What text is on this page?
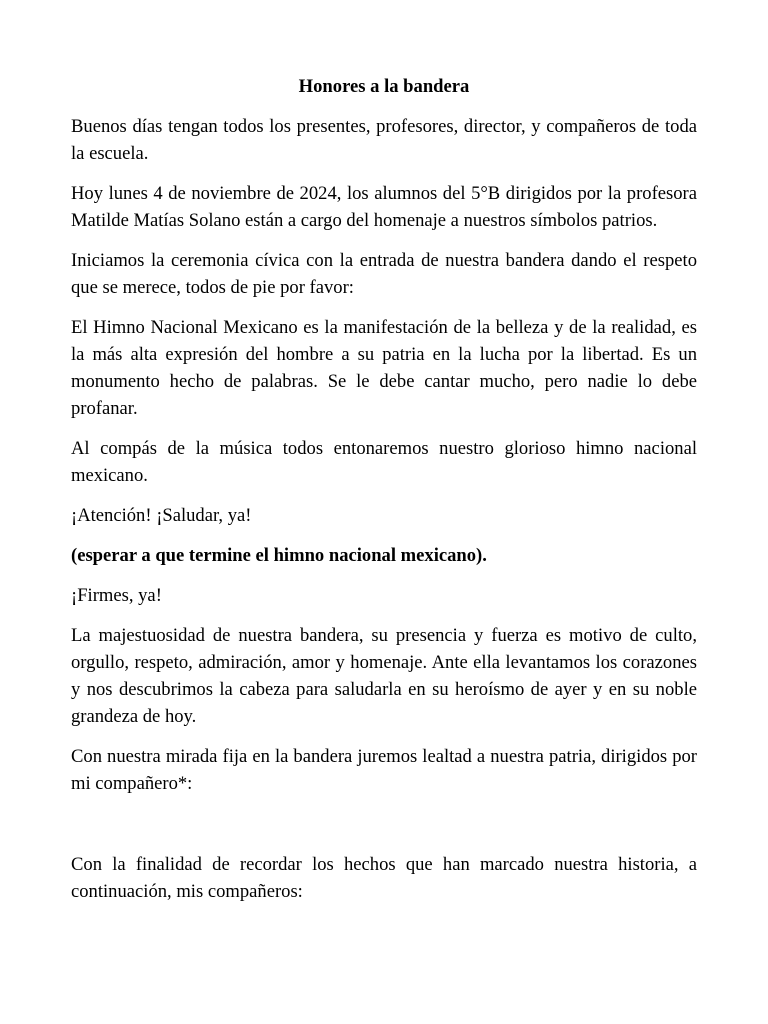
Honores a la bandera

Buenos días tengan todos los presentes, profesores, director, y compañeros de toda la escuela.

Hoy lunes 4 de noviembre de 2024, los alumnos del 5°B dirigidos por la profesora Matilde Matías Solano están a cargo del homenaje a nuestros símbolos patrios.

Iniciamos la ceremonia cívica con la entrada de nuestra bandera dando el respeto que se merece, todos de pie por favor:

El Himno Nacional Mexicano es la manifestación de la belleza y de la realidad, es la más alta expresión del hombre a su patria en la lucha por la libertad. Es un monumento hecho de palabras. Se le debe cantar mucho, pero nadie lo debe profanar.

Al compás de la música todos entonaremos nuestro glorioso himno nacional mexicano.

¡Atención! ¡Saludar, ya!

(esperar a que termine el himno nacional mexicano).

¡Firmes, ya!

La majestuosidad de nuestra bandera, su presencia y fuerza es motivo de culto, orgullo, respeto, admiración, amor y homenaje. Ante ella levantamos los corazones y nos descubrimos la cabeza para saludarla en su heroísmo de ayer y en su noble grandeza de hoy.

Con nuestra mirada fija en la bandera juremos lealtad a nuestra patria, dirigidos por mi compañero*:

Con la finalidad de recordar los hechos que han marcado nuestra historia, a continuación, mis compañeros:
